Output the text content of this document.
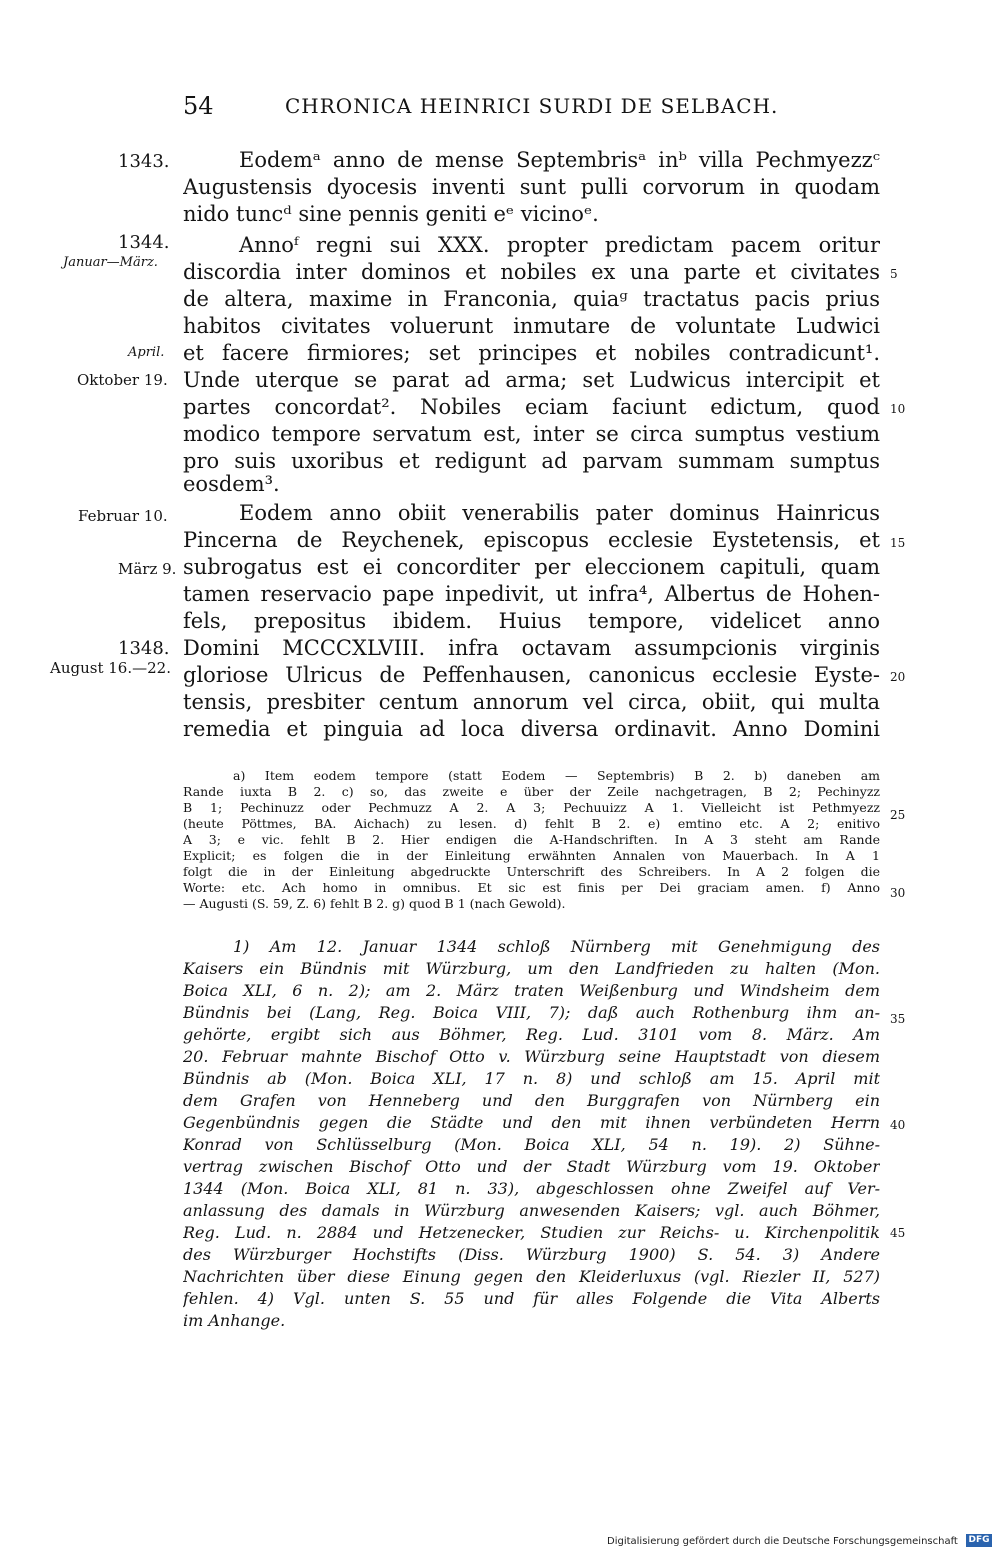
54	CHRONICA HEINRICI SURDI DE SELBACH.
Eodemᵃ anno de mense Septembrisᵃ inᵇ villa Pechmyezzᶜ
Augustensis dyocesis inventi sunt pulli corvorum in quodam
nido tuncᵈ sine pennis geniti eᵉ vicinoᵉ.
Annoᶠ regni sui XXX. propter predictam pacem oritur
discordia inter dominos et nobiles ex una parte et civitates
de altera, maxime in Franconia, quiaᵍ tractatus pacis prius
habitos civitates voluerunt inmutare de voluntate Ludwici
et facere firmiores; set principes et nobiles contradicunt¹.
Unde uterque se parat ad arma; set Ludwicus intercipit et
partes concordat². Nobiles eciam faciunt edictum, quod
modico tempore servatum est, inter se circa sumptus vestium
pro suis uxoribus et redigunt ad parvam summam sumptus
eosdem³.
Eodem anno obiit venerabilis pater dominus Hainricus
Pincerna de Reychenek, episcopus ecclesie Eystetensis, et
subrogatus est ei concorditer per eleccionem capituli, quam
tamen reservacio pape inpedivit, ut infra⁴, Albertus de Hohen-
fels, prepositus ibidem. Huius tempore, videlicet anno
Domini MCCCXLVIII. infra octavam assumpcionis virginis
gloriose Ulricus de Peffenhausen, canonicus ecclesie Eyste-
tensis, presbiter centum annorum vel circa, obiit, qui multa
remedia et pinguia ad loca diversa ordinavit. Anno Domini
1343.
1344.
Januar—März.
April.
Oktober 19.
Februar 10.
März 9.
1348.
August 16.—22.
5
10
15
20
25
30
35
40
45
a) Item eodem tempore (statt Eodem — Septembris) B 2. b) daneben am
Rande iuxta B 2. c) so, das zweite e über der Zeile nachgetragen, B 2; Pechinyzz
B 1; Pechinuzz oder Pechmuzz A 2. A 3; Pechuuizz A 1. Vielleicht ist Pethmyezz
(heute Pöttmes, BA. Aichach) zu lesen. d) fehlt B 2. e) emtino etc. A 2; enitivo
A 3; e vic. fehlt B 2. Hier endigen die A-Handschriften. In A 3 steht am Rande
Explicit; es folgen die in der Einleitung erwähnten Annalen von Mauerbach. In A 1
folgt die in der Einleitung abgedruckte Unterschrift des Schreibers. In A 2 folgen die
Worte: etc. Ach homo in omnibus. Et sic est finis per Dei graciam amen. f) Anno
— Augusti (S. 59, Z. 6) fehlt B 2. g) quod B 1 (nach Gewold).
1) Am 12. Januar 1344 schloß Nürnberg mit Genehmigung des
Kaisers ein Bündnis mit Würzburg, um den Landfrieden zu halten (Mon.
Boica XLI, 6 n. 2); am 2. März traten Weißenburg und Windsheim dem
Bündnis bei (Lang, Reg. Boica VIII, 7); daß auch Rothenburg ihm an-
gehörte, ergibt sich aus Böhmer, Reg. Lud. 3101 vom 8. März. Am
20. Februar mahnte Bischof Otto v. Würzburg seine Hauptstadt von diesem
Bündnis ab (Mon. Boica XLI, 17 n. 8) und schloß am 15. April mit
dem Grafen von Henneberg und den Burggrafen von Nürnberg ein
Gegenbündnis gegen die Städte und den mit ihnen verbündeten Herrn
Konrad von Schlüsselburg (Mon. Boica XLI, 54 n. 19). 2) Sühne-
vertrag zwischen Bischof Otto und der Stadt Würzburg vom 19. Oktober
1344 (Mon. Boica XLI, 81 n. 33), abgeschlossen ohne Zweifel auf Ver-
anlassung des damals in Würzburg anwesenden Kaisers; vgl. auch Böhmer,
Reg. Lud. n. 2884 und Hetzenecker, Studien zur Reichs- u. Kirchenpolitik
des Würzburger Hochstifts (Diss. Würzburg 1900) S. 54. 3) Andere
Nachrichten über diese Einung gegen den Kleiderluxus (vgl. Riezler II, 527)
fehlen. 4) Vgl. unten S. 55 und für alles Folgende die Vita Alberts
im Anhange.
Digitalisierung gefördert durch die Deutsche Forschungsgemeinschaft DFG
